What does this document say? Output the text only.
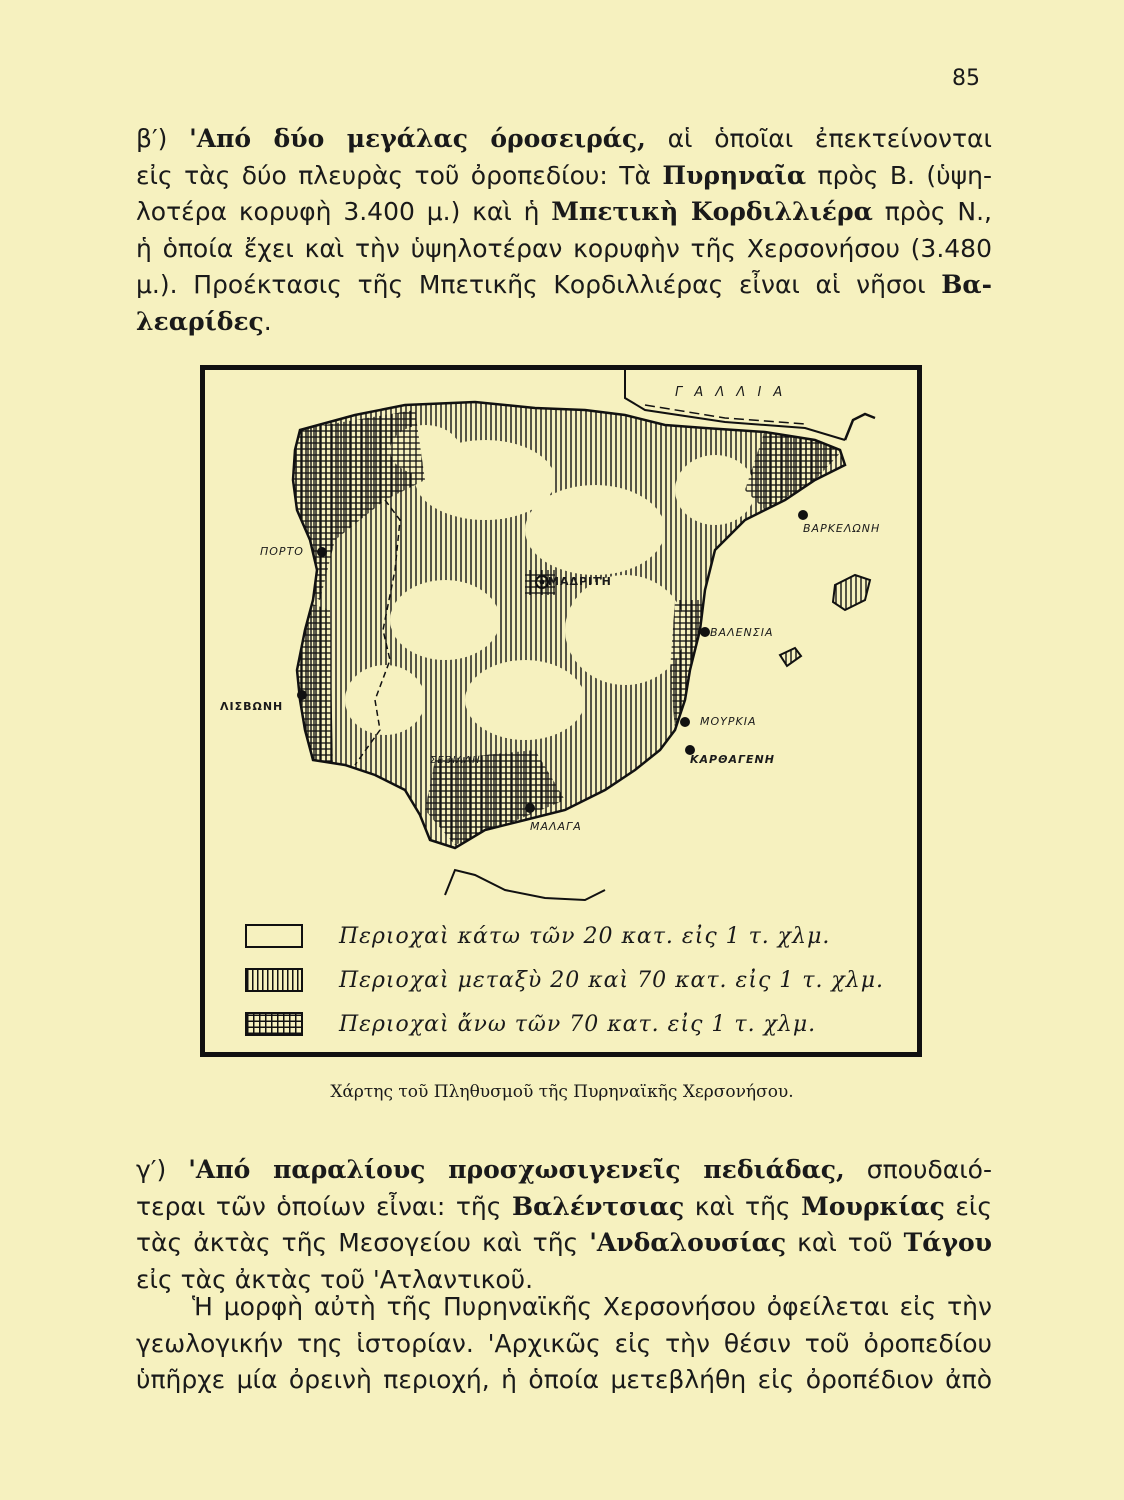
85
β′) 'Από δύο μεγάλας όροσειράς, αἱ ὁποῖαι ἐπεκτείνονται
εἰς τὰς δύο πλευρὰς τοῦ ὀροπεδίου: Τὰ Πυρηναῖα πρὸς Β. (ὑψη-
λοτέρα κορυφὴ 3.400 μ.) καὶ ἡ Μπετικὴ Κορδιλλιέρα πρὸς Ν.,
ἡ ὁποία ἔχει καὶ τὴν ὑψηλοτέραν κορυφὴν τῆς Χερσονήσου (3.480
μ.). Προέκτασις τῆς Μπετικῆς Κορδιλλιέρας εἶναι αἱ νῆσοι Βα-
λεαρίδες.
Γ Α Λ Λ Ι Α
ΒΑΡΚΕΛΩΝΗ
ΠΟΡΤΟ
ΜΑΔΡΙΤΗ
ΒΑΛΕΝΣΙΑ
ΛΙΣΒΩΝΗ
ΜΟΥΡΚΙΑ
ΚΑΡΘΑΓΕΝΗ
ΣΕΒΙΛΛΗ
ΜΑΛΑΓΑ
Περιοχαὶ κάτω τῶν 20 κατ. εἰς 1 τ. χλμ.
Περιοχαὶ μεταξὺ 20 καὶ 70 κατ. εἰς 1 τ. χλμ.
Περιοχαὶ ἄνω τῶν 70 κατ. εἰς 1 τ. χλμ.
Χάρτης τοῦ Πληθυσμοῦ τῆς Πυρηναϊκῆς Χερσονήσου.
γ′) 'Από παραλίους προσχωσιγενεῖς πεδιάδας, σπουδαιό-
τεραι τῶν ὁποίων εἶναι: τῆς Βαλέντσιας καὶ τῆς Μουρκίας εἰς
τὰς ἀκτὰς τῆς Μεσογείου καὶ τῆς 'Ανδαλουσίας καὶ τοῦ Τάγου
εἰς τὰς ἀκτὰς τοῦ 'Ατλαντικοῦ.
Ἡ μορφὴ αὐτὴ τῆς Πυρηναϊκῆς Χερσονήσου ὀφείλεται εἰς τὴν
γεωλογικήν της ἱστορίαν. 'Αρχικῶς εἰς τὴν θέσιν τοῦ ὀροπεδίου
ὑπῆρχε μία ὀρεινὴ περιοχή, ἡ ὁποία μετεβλήθη εἰς ὀροπέδιον ἀπὸ
